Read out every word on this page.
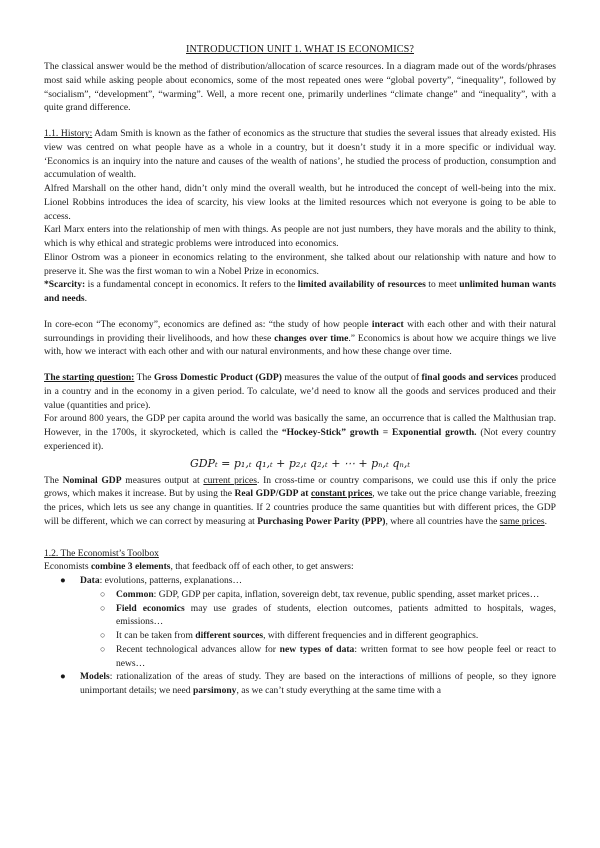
INTRODUCTION UNIT 1. WHAT IS ECONOMICS?

The classical answer would be the method of distribution/allocation of scarce resources. In a diagram made out of the words/phrases most said while asking people about economics, some of the most repeated ones were “global poverty”, “inequality”, followed by “socialism”, “development”, “warming”. Well, a more recent one, primarily underlines “climate change” and “inequality”, with a quite grand difference.

1.1. History: Adam Smith is known as the father of economics as the structure that studies the several issues that already existed. His view was centred on what people have as a whole in a country, but it doesn’t study it in a more specific or individual way. ‘Economics is an inquiry into the nature and causes of the wealth of nations’, he studied the process of production, consumption and accumulation of wealth.

Alfred Marshall on the other hand, didn’t only mind the overall wealth, but he introduced the concept of well-being into the mix. Lionel Robbins introduces the idea of scarcity, his view looks at the limited resources which not everyone is going to be able to access.

Karl Marx enters into the relationship of men with things. As people are not just numbers, they have morals and the ability to think, which is why ethical and strategic problems were introduced into economics.

Elinor Ostrom was a pioneer in economics relating to the environment, she talked about our relationship with nature and how to preserve it. She was the first woman to win a Nobel Prize in economics.

*Scarcity: is a fundamental concept in economics. It refers to the limited availability of resources to meet unlimited human wants and needs.

In core-econ “The economy”, economics are defined as: “the study of how people interact with each other and with their natural surroundings in providing their livelihoods, and how these changes over time.” Economics is about how we acquire things we live with, how we interact with each other and with our natural environments, and how these change over time.

The starting question: The Gross Domestic Product (GDP) measures the value of the output of final goods and services produced in a country and in the economy in a given period. To calculate, we’d need to know all the goods and services produced and their value (quantities and price).

For around 800 years, the GDP per capita around the world was basically the same, an occurrence that is called the Malthusian trap. However, in the 1700s, it skyrocketed, which is called the “Hockey-Stick” growth = Exponential growth. (Not every country experienced it).

GDPₜ = p₁,ₜ q₁,ₜ + p₂,ₜ q₂,ₜ + ⋯ + pₙ,ₜ qₙ,ₜ

The Nominal GDP measures output at current prices. In cross-time or country comparisons, we could use this if only the price grows, which makes it increase. But by using the Real GDP/GDP at constant prices, we take out the price change variable, freezing the prices, which lets us see any change in quantities. If 2 countries produce the same quantities but with different prices, the GDP will be different, which we can correct by measuring at Purchasing Power Parity (PPP), where all countries have the same prices.

1.2. The Economist’s Toolbox

Economists combine 3 elements, that feedback off of each other, to get answers:

● Data: evolutions, patterns, explanations…
○ Common: GDP, GDP per capita, inflation, sovereign debt, tax revenue, public spending, asset market prices…
○ Field economics may use grades of students, election outcomes, patients admitted to hospitals, wages, emissions…
○ It can be taken from different sources, with different frequencies and in different geographics.
○ Recent technological advances allow for new types of data: written format to see how people feel or react to news…
● Models: rationalization of the areas of study. They are based on the interactions of millions of people, so they ignore unimportant details; we need parsimony, as we can’t study everything at the same time with a
